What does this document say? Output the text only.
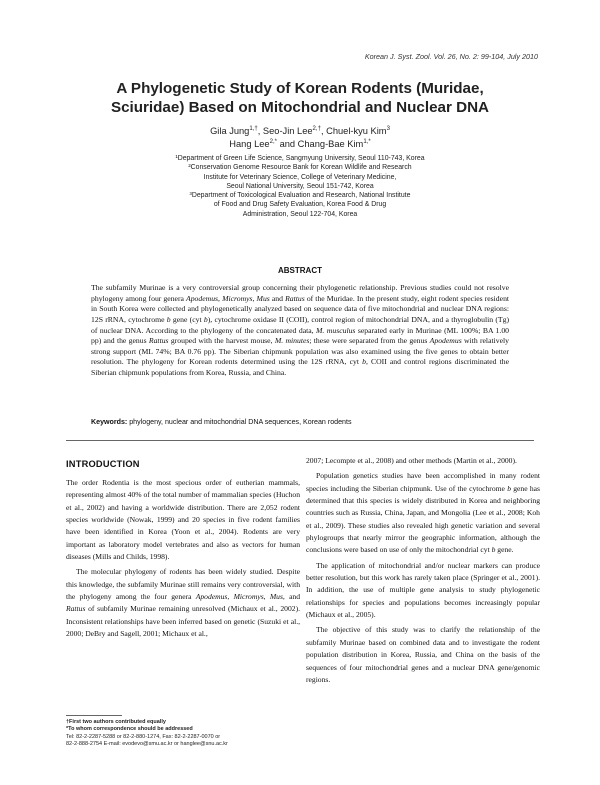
Korean J. Syst. Zool. Vol. 26, No. 2: 99-104, July 2010
A Phylogenetic Study of Korean Rodents (Muridae,
Sciuridae) Based on Mitochondrial and Nuclear DNA
Gila Jung$^{1,\dagger}$, Seo-Jin Lee$^{2,\dagger}$, Chuel-kyu Kim$^3$
Hang Lee$^{2,*}$ and Chang-Bae Kim$^{1,*}$
¹Department of Green Life Science, Sangmyung University, Seoul 110-743, Korea
²Conservation Genome Resource Bank for Korean Wildlife and Research
Institute for Veterinary Science, College of Veterinary Medicine,
Seoul National University, Seoul 151-742, Korea
³Department of Toxicological Evaluation and Research, National Institute
of Food and Drug Safety Evaluation, Korea Food & Drug
Administration, Seoul 122-704, Korea
ABSTRACT

The subfamily Murinae is a very controversial group concerning their phylogenetic relationship. Previous studies could not resolve phylogeny among four genera Apodemus, Micromys, Mus and Rattus of the Muridae. In the present study, eight rodent species resident in South Korea were collected and phylogenetically analyzed based on sequence data of five mitochondrial and nuclear DNA regions: 12S rRNA, cytochrome b gene (cyt b), cytochrome oxidase II (COII), control region of mitochondrial DNA, and a thyroglobulin (Tg) of nuclear DNA. According to the phylogeny of the concatenated data, M. musculus separated early in Murinae (ML 100%; BA 1.00 pp) and the genus Rattus grouped with the harvest mouse, M. minutes; these were separated from the genus Apodemus with relatively strong support (ML 74%; BA 0.76 pp). The Siberian chipmunk population was also examined using the five genes to obtain better resolution. The phylogeny for Korean rodents determined using the 12S rRNA, cyt b, COII and control regions discriminated the Siberian chipmunk populations from Korea, Russia, and China.

Keywords: phylogeny, nuclear and mitochondrial DNA sequences, Korean rodents
INTRODUCTION

The order Rodentia is the most specious order of eutherian mammals, representing almost 40% of the total number of mammalian species (Huchon et al., 2002) and having a worldwide distribution. There are 2,052 rodent species worldwide (Nowak, 1999) and 20 species in five rodent families have been identified in Korea (Yoon et al., 2004). Rodents are very important as laboratory model vertebrates and also as vectors for human diseases (Mills and Childs, 1998).

The molecular phylogeny of rodents has been widely studied. Despite this knowledge, the subfamily Murinae still remains very controversial, with the phylogeny among the four genera Apodemus, Micromys, Mus, and Rattus of subfamily Murinae remaining unresolved (Michaux et al., 2002). Inconsistent relationships have been inferred based on genetic (Suzuki et al., 2000; DeBry and Sagell, 2001; Michaux et al.,

2007; Lecompte et al., 2008) and other methods (Martin et al., 2000).

Population genetics studies have been accomplished in many rodent species including the Siberian chipmunk. Use of the cytochrome b gene has determined that this species is widely distributed in Korea and neighboring countries such as Russia, China, Japan, and Mongolia (Lee et al., 2008; Koh et al., 2009). These studies also revealed high genetic variation and several phylogroups that nearly mirror the geographic information, although the conclusions were based on use of only the mitochondrial cyt b gene.

The application of mitochondrial and/or nuclear markers can produce better resolution, but this work has rarely taken place (Springer et al., 2001). In addition, the use of multiple gene analysis to study phylogenetic relationships for species and populations becomes increasingly popular (Michaux et al., 2005).

The objective of this study was to clarify the relationship of the subfamily Murinae based on combined data and to investigate the rodent population distribution in Korea, Russia, and China on the basis of the sequences of four mitochondrial genes and a nuclear DNA gene/genomic regions.

†First two authors contributed equally
*To whom correspondence should be addressed
Tel: 82-2-2287-5288 or 82-2-880-1274, Fax: 82-2-2287-0070 or
82-2-888-2754 E-mail: evodevo@smu.ac.kr or hanglee@snu.ac.kr
